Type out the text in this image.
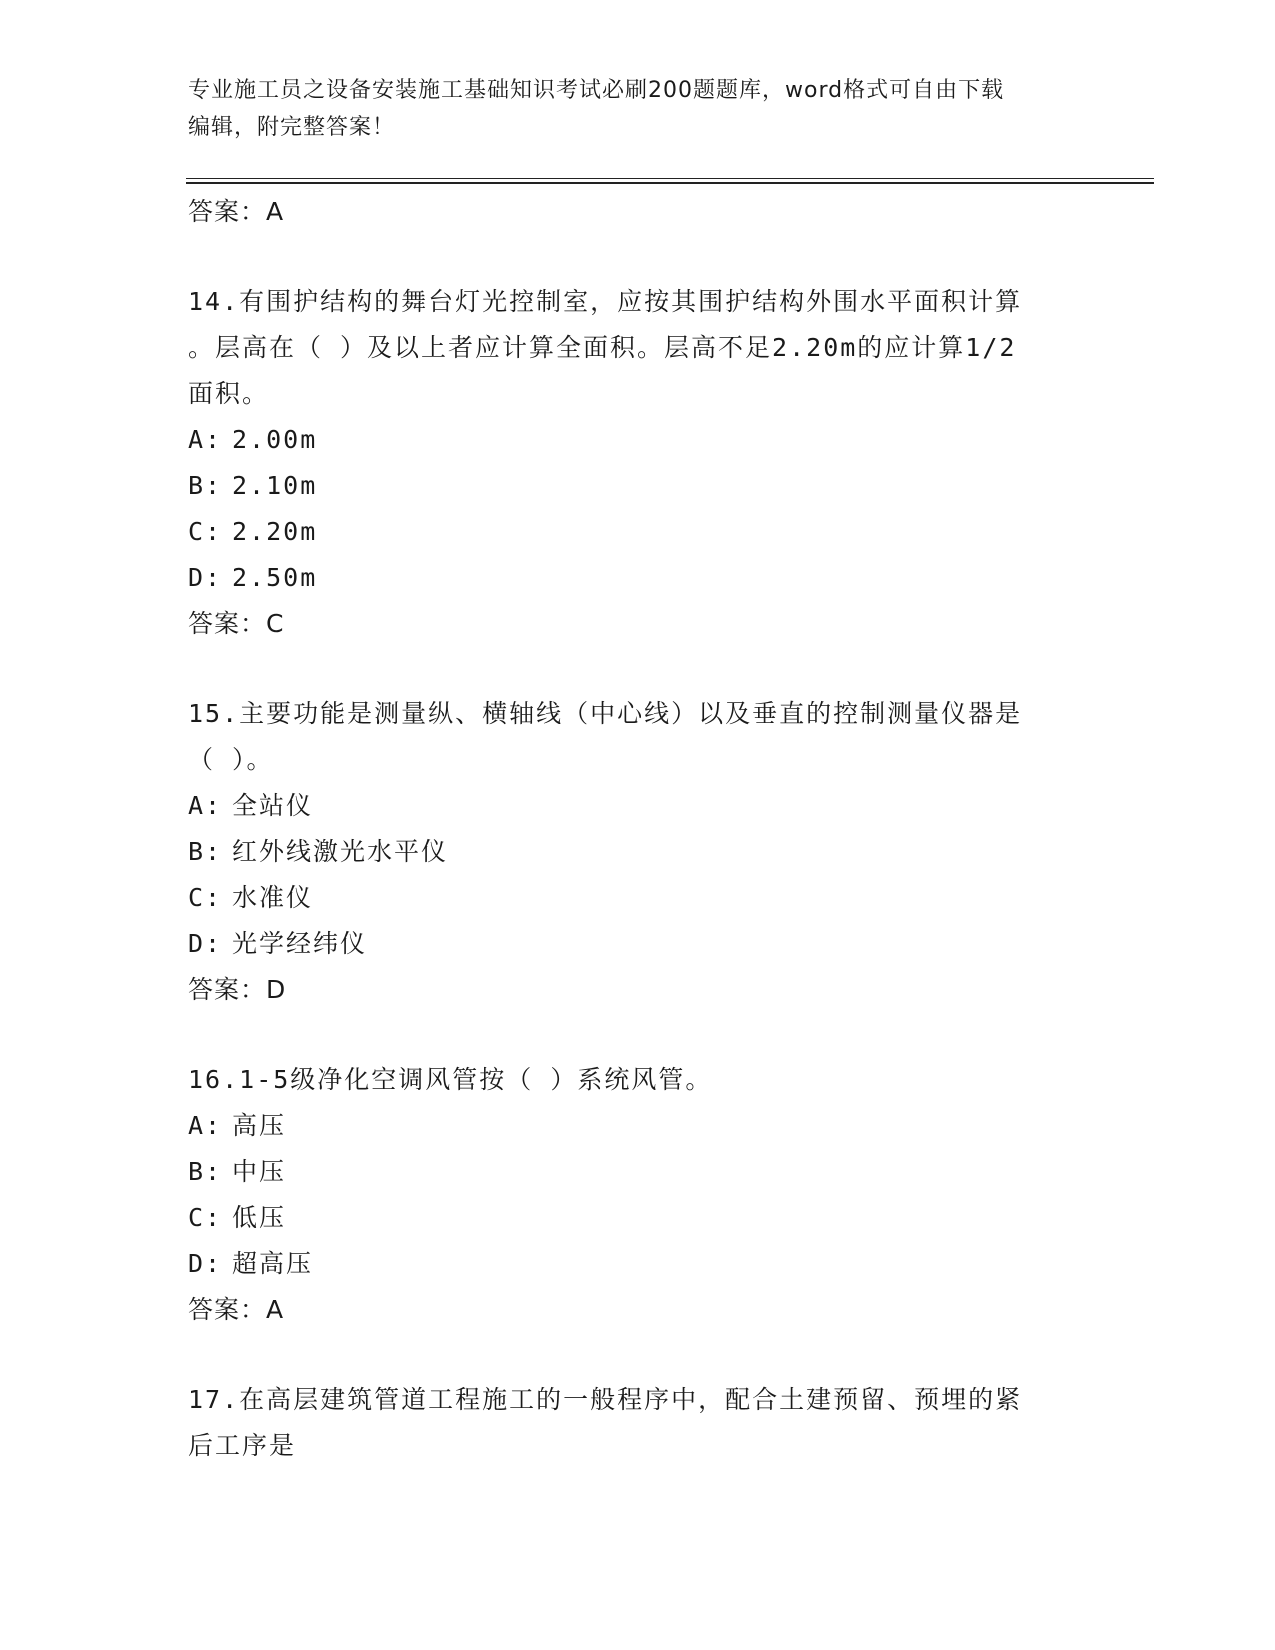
专业施工员之设备安装施工基础知识考试必刷200题题库，word格式可自由下载
编辑，附完整答案！
答案：A
14.有围护结构的舞台灯光控制室，应按其围护结构外围水平面积计算
。层高在（ ）及以上者应计算全面积。层高不足2.20m的应计算1/2
面积。
A: 2.00m
B: 2.10m
C: 2.20m
D: 2.50m
答案：C
15.主要功能是测量纵、横轴线（中心线）以及垂直的控制测量仪器是
（ ）。
A: 全站仪
B: 红外线激光水平仪
C: 水准仪
D: 光学经纬仪
答案：D
16.1-5级净化空调风管按（ ）系统风管。
A: 高压
B: 中压
C: 低压
D: 超高压
答案：A
17.在高层建筑管道工程施工的一般程序中，配合土建预留、预埋的紧
后工序是
